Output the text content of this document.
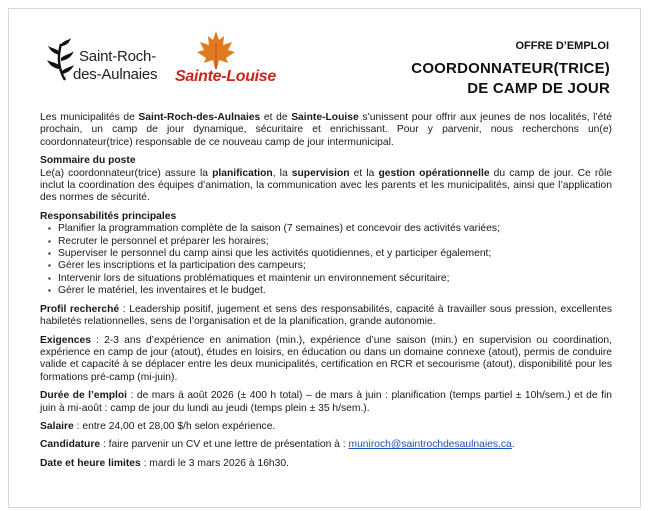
Saint-Roch-
des-Aulnaies Sainte-Louise
OFFRE D’EMPLOI
COORDONNATEUR(TRICE)
DE CAMP DE JOUR

Les municipalités de Saint-Roch-des-Aulnaies et de Sainte-Louise s’unissent pour offrir aux jeunes de nos localités, l’été prochain, un camp de jour dynamique, sécuritaire et enrichissant. Pour y parvenir, nous recherchons un(e) coordonnateur(trice) responsable de ce nouveau camp de jour intermunicipal.

Sommaire du poste

Le(a) coordonnateur(trice) assure la planification, la supervision et la gestion opérationnelle du camp de jour. Ce rôle inclut la coordination des équipes d’animation, la communication avec les parents et les municipalités, ainsi que l’application des normes de sécurité.

Responsabilités principales

▪ Planifier la programmation complète de la saison (7 semaines) et concevoir des activités variées;
▪ Recruter le personnel et préparer les horaires;
▪ Superviser le personnel du camp ainsi que les activités quotidiennes, et y participer également;
▪ Gérer les inscriptions et la participation des campeurs;
▪ Intervenir lors de situations problématiques et maintenir un environnement sécuritaire;
▪ Gérer le matériel, les inventaires et le budget.

Profil recherché : Leadership positif, jugement et sens des responsabilités, capacité à travailler sous pression, excellentes habiletés relationnelles, sens de l’organisation et de la planification, grande autonomie.

Exigences : 2-3 ans d’expérience en animation (min.), expérience d’une saison (min.) en supervision ou coordination, expérience en camp de jour (atout), études en loisirs, en éducation ou dans un domaine connexe (atout), permis de conduire valide et capacité à se déplacer entre les deux municipalités, certification en RCR et secourisme (atout), disponibilité pour les formations pré-camp (mi-juin).

Durée de l’emploi : de mars à août 2026 (± 400 h total) – de mars à juin : planification (temps partiel ± 10h/sem.) et de fin juin à mi-août : camp de jour du lundi au jeudi (temps plein ± 35 h/sem.).

Salaire : entre 24,00 et 28,00 $/h selon expérience.

Candidature : faire parvenir un CV et une lettre de présentation à : muniroch@saintrochdesaulnaies.ca.

Date et heure limites : mardi le 3 mars 2026 à 16h30.
